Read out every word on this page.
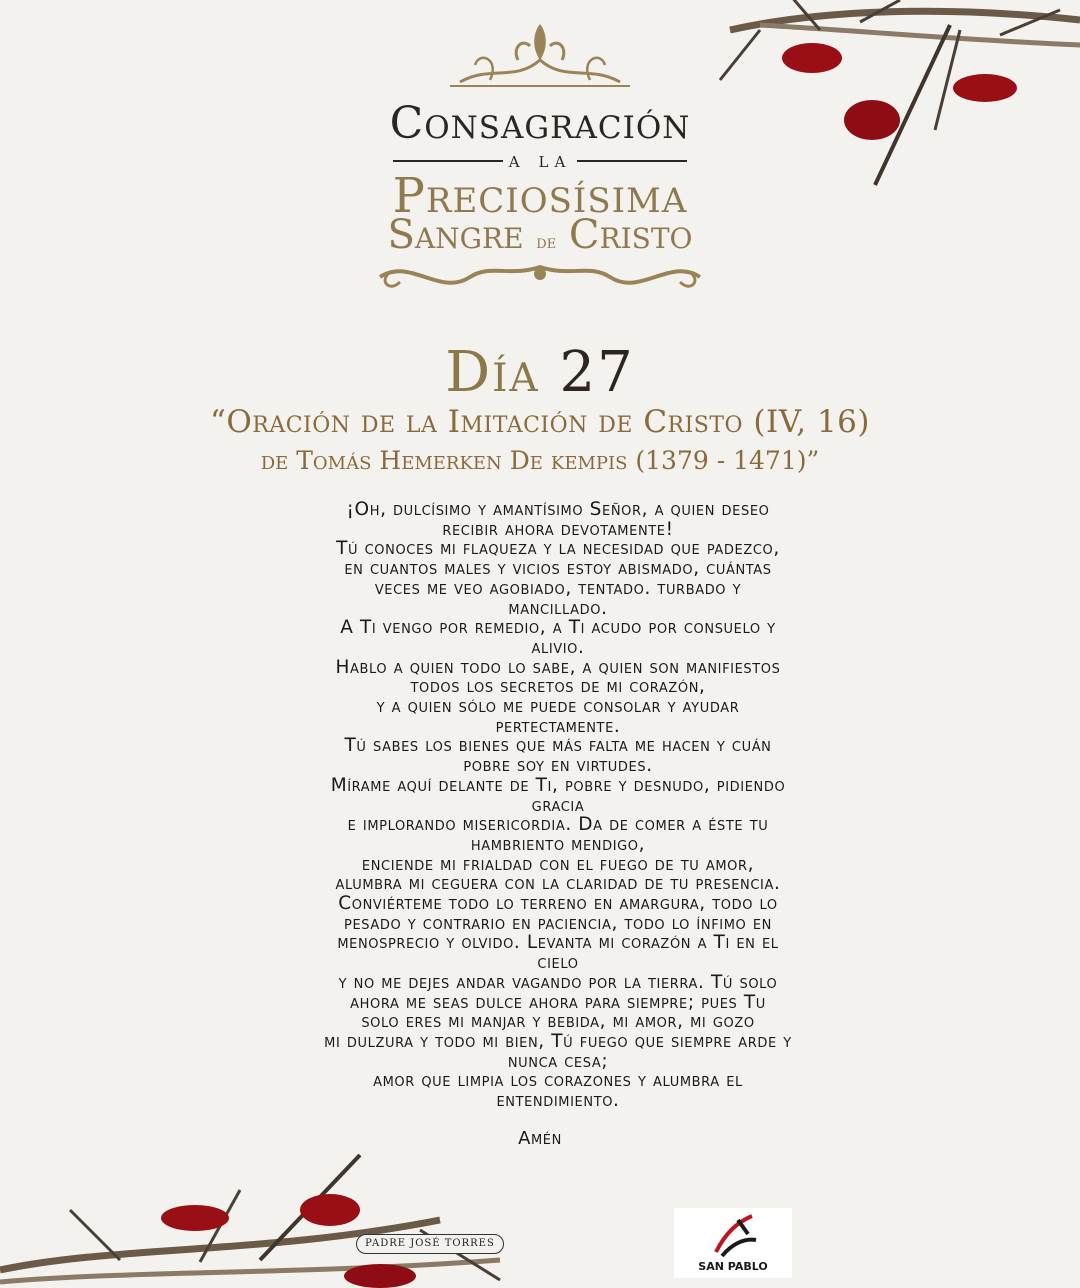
Consagración
a la
Preciosísima
Sangre de Cristo
Día 27
“Oración de la Imitación de Cristo (IV, 16)
de Tomás Hemerken De kempis (1379 - 1471)”
¡Oh, dulcísimo y amantísimo Señor, a quien deseo
recibir ahora devotamente!
Tú conoces mi flaqueza y la necesidad que padezco,
en cuantos males y vicios estoy abismado, cuántas
veces me veo agobiado, tentado. turbado y
mancillado.
A Ti vengo por remedio, a Ti acudo por consuelo y
alivio.
Hablo a quien todo lo sabe, a quien son manifiestos
todos los secretos de mi corazón,
y a quien sólo me puede consolar y ayudar
pertectamente.
Tú sabes los bienes que más falta me hacen y cuán
pobre soy en virtudes.
Mírame aquí delante de Ti, pobre y desnudo, pidiendo
gracia
e implorando misericordia. Da de comer a éste tu
hambriento mendigo,
enciende mi frialdad con el fuego de tu amor,
alumbra mi ceguera con la claridad de tu presencia.
Conviérteme todo lo terreno en amargura, todo lo
pesado y contrario en paciencia, todo lo ínfimo en
menosprecio y olvido. Levanta mi corazón a Ti en el
cielo
y no me dejes andar vagando por la tierra. Tú solo
ahora me seas dulce ahora para siempre; pues Tu
solo eres mi manjar y bebida, mi amor, mi gozo
mi dulzura y todo mi bien, Tú fuego que siempre arde y
nunca cesa;
amor que limpia los corazones y alumbra el
entendimiento.
Amén
PADRE JOSÉ TORRES
SAN PABLO
